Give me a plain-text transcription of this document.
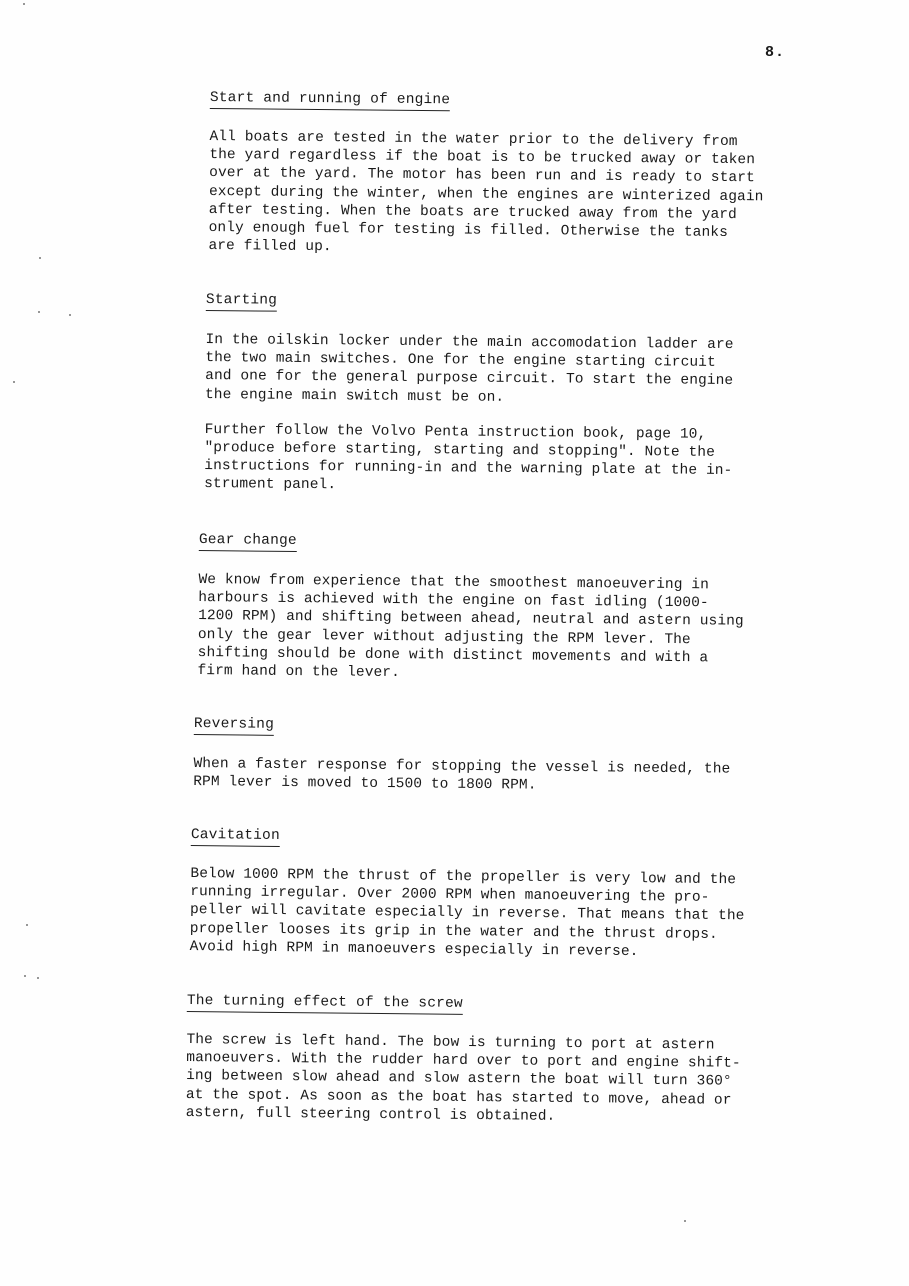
8.
Start and running of engine

All boats are tested in the water prior to the delivery from
the yard regardless if the boat is to be trucked away or taken
over at the yard. The motor has been run and is ready to start
except during the winter, when the engines are winterized again
after testing. When the boats are trucked away from the yard
only enough fuel for testing is filled. Otherwise the tanks
are filled up.

Starting

In the oilskin locker under the main accomodation ladder are
the two main switches. One for the engine starting circuit
and one for the general purpose circuit. To start the engine
the engine main switch must be on.

Further follow the Volvo Penta instruction book, page 10,
"produce before starting, starting and stopping". Note the
instructions for running-in and the warning plate at the in-
strument panel.

Gear change

We know from experience that the smoothest manoeuvering in
harbours is achieved with the engine on fast idling (1000-
1200 RPM) and shifting between ahead, neutral and astern using
only the gear lever without adjusting the RPM lever. The
shifting should be done with distinct movements and with a
firm hand on the lever.

Reversing

When a faster response for stopping the vessel is needed, the
RPM lever is moved to 1500 to 1800 RPM.

Cavitation

Below 1000 RPM the thrust of the propeller is very low and the
running irregular. Over 2000 RPM when manoeuvering the pro-
peller will cavitate especially in reverse. That means that the
propeller looses its grip in the water and the thrust drops.
Avoid high RPM in manoeuvers especially in reverse.

The turning effect of the screw

The screw is left hand. The bow is turning to port at astern
manoeuvers. With the rudder hard over to port and engine shift-
ing between slow ahead and slow astern the boat will turn 360°
at the spot. As soon as the boat has started to move, ahead or
astern, full steering control is obtained.
